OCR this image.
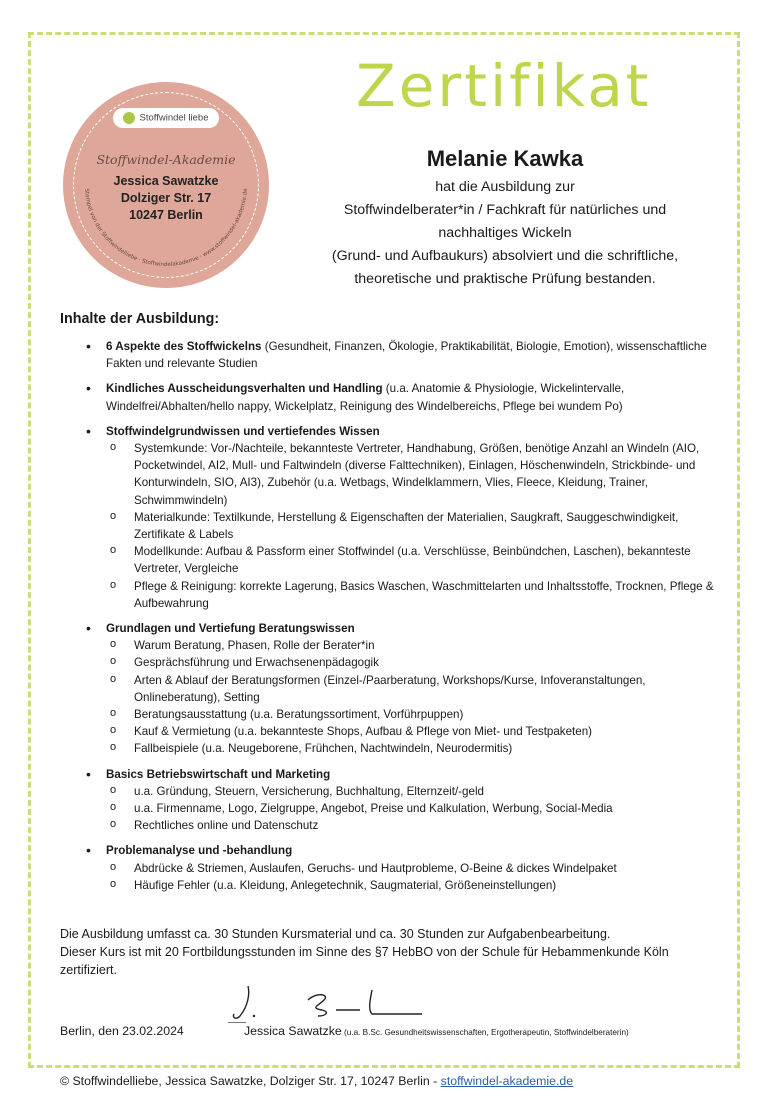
Stempel von der Stoffwindelliebe · Stoffwindelakademie · www.stoffwindel-akademie.de
Stoffwindel liebe
Stoffwindel-Akademie
Jessica Sawatzke
Dolziger Str. 17
10247 Berlin
Zertifikat
Melanie Kawka
hat die Ausbildung zur
Stoffwindelberater*in / Fachkraft für natürliches und
nachhaltiges Wickeln
(Grund- und Aufbaukurs) absolviert und die schriftliche,
theoretische und praktische Prüfung bestanden.
Inhalte der Ausbildung:
• 6 Aspekte des Stoffwickelns (Gesundheit, Finanzen, Ökologie, Praktikabilität, Biologie, Emotion), wissenschaftliche Fakten und relevante Studien
• Kindliches Ausscheidungsverhalten und Handling (u.a. Anatomie & Physiologie, Wickelintervalle, Windelfrei/Abhalten/hello nappy, Wickelplatz, Reinigung des Windelbereichs, Pflege bei wundem Po)
• Stoffwindelgrundwissen und vertiefendes Wissen
o Systemkunde: Vor-/Nachteile, bekannteste Vertreter, Handhabung, Größen, benötige Anzahl an Windeln (AIO, Pocketwindel, AI2, Mull- und Faltwindeln (diverse Falttechniken), Einlagen, Höschenwindeln, Strickbinde- und Konturwindeln, SIO, AI3), Zubehör (u.a. Wetbags, Windelklammern, Vlies, Fleece, Kleidung, Trainer, Schwimmwindeln)
o Materialkunde: Textilkunde, Herstellung & Eigenschaften der Materialien, Saugkraft, Sauggeschwindigkeit, Zertifikate & Labels
o Modellkunde: Aufbau & Passform einer Stoffwindel (u.a. Verschlüsse, Beinbündchen, Laschen), bekannteste Vertreter, Vergleiche
o Pflege & Reinigung: korrekte Lagerung, Basics Waschen, Waschmittelarten und Inhaltsstoffe, Trocknen, Pflege & Aufbewahrung
• Grundlagen und Vertiefung Beratungswissen
o Warum Beratung, Phasen, Rolle der Berater*in
o Gesprächsführung und Erwachsenenpädagogik
o Arten & Ablauf der Beratungsformen (Einzel-/Paarberatung, Workshops/Kurse, Infoveranstaltungen, Onlineberatung), Setting
o Beratungsausstattung (u.a. Beratungssortiment, Vorführpuppen)
o Kauf & Vermietung (u.a. bekannteste Shops, Aufbau & Pflege von Miet- und Testpaketen)
o Fallbeispiele (u.a. Neugeborene, Frühchen, Nachtwindeln, Neurodermitis)
• Basics Betriebswirtschaft und Marketing
o u.a. Gründung, Steuern, Versicherung, Buchhaltung, Elternzeit/-geld
o u.a. Firmenname, Logo, Zielgruppe, Angebot, Preise und Kalkulation, Werbung, Social-Media
o Rechtliches online und Datenschutz
• Problemanalyse und -behandlung
o Abdrücke & Striemen, Auslaufen, Geruchs- und Hautprobleme, O-Beine & dickes Windelpaket
o Häufige Fehler (u.a. Kleidung, Anlegetechnik, Saugmaterial, Größeneinstellungen)
Die Ausbildung umfasst ca. 30 Stunden Kursmaterial und ca. 30 Stunden zur Aufgabenbearbeitung.
Dieser Kurs ist mit 20 Fortbildungsstunden im Sinne des §7 HebBO von der Schule für Hebammenkunde Köln zertifiziert.
Berlin, den 23.02.2024	Jessica Sawatzke (u.a. B.Sc. Gesundheitswissenschaften, Ergotherapeutin, Stoffwindelberaterin)
© Stoffwindelliebe, Jessica Sawatzke, Dolziger Str. 17, 10247 Berlin - stoffwindel-akademie.de
